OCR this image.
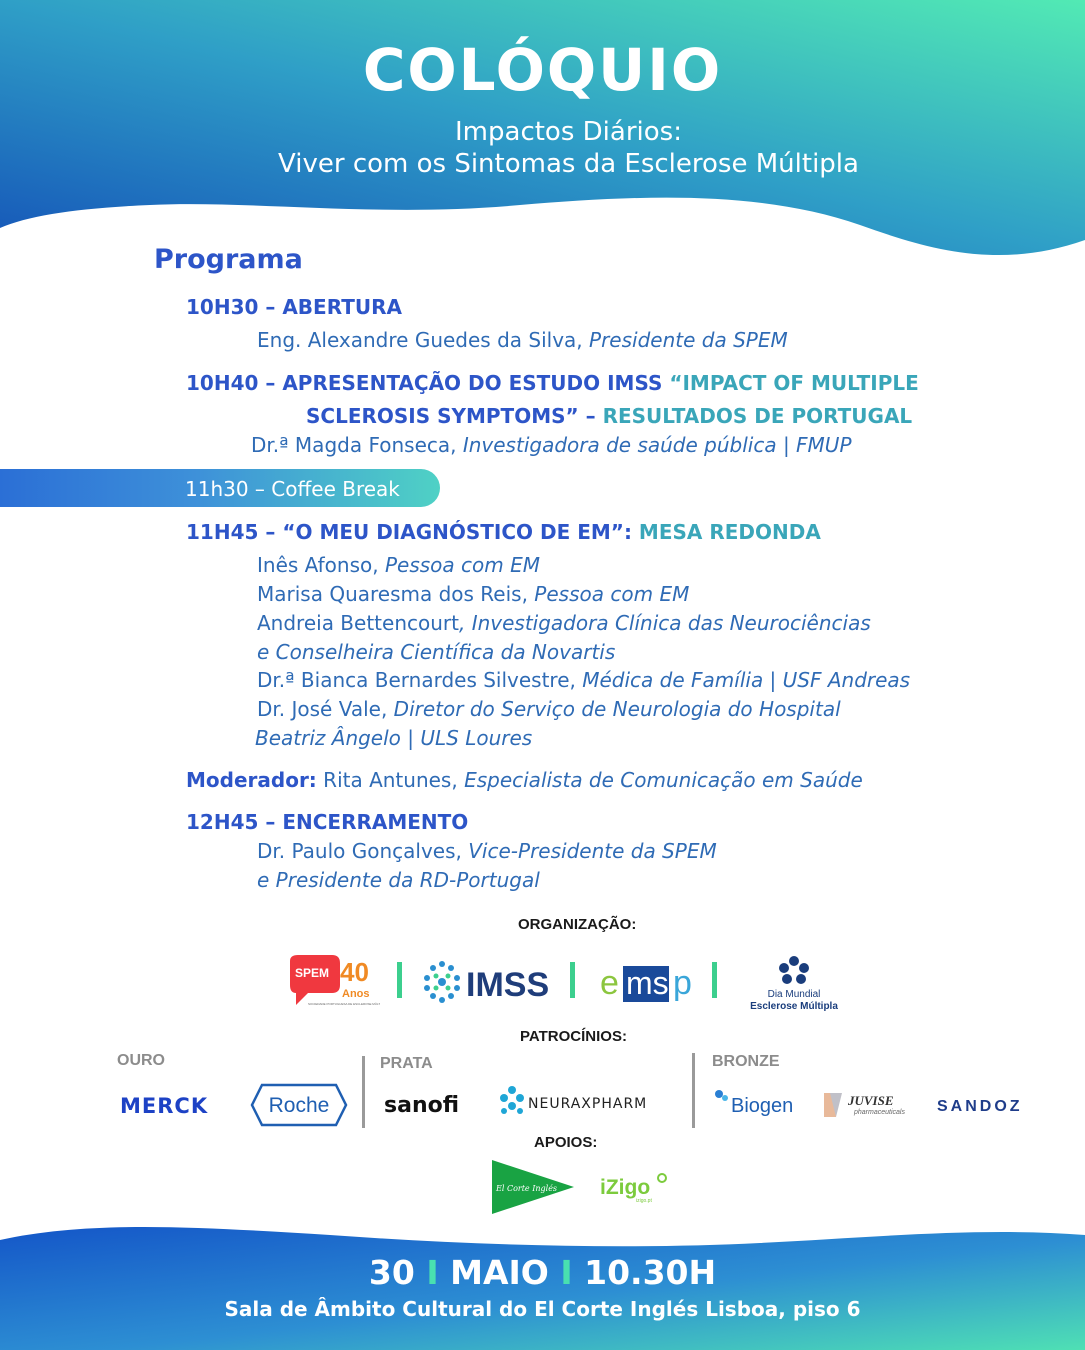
COLÓQUIO
Impactos Diários:
Viver com os Sintomas da Esclerose Múltipla
Programa
10H30 – ABERTURA
Eng. Alexandre Guedes da Silva, Presidente da SPEM
10H40 – APRESENTAÇÃO DO ESTUDO IMSS “IMPACT OF MULTIPLE
SCLEROSIS SYMPTOMS” – RESULTADOS DE PORTUGAL
Dr.ª Magda Fonseca, Investigadora de saúde pública | FMUP
11h30 – Coffee Break
11H45 – “O MEU DIAGNÓSTICO DE EM”: MESA REDONDA
Inês Afonso, Pessoa com EM
Marisa Quaresma dos Reis, Pessoa com EM
Andreia Bettencourt, Investigadora Clínica das Neurociências
e Conselheira Científica da Novartis
Dr.ª Bianca Bernardes Silvestre, Médica de Família | USF Andreas
Dr. José Vale, Diretor do Serviço de Neurologia do Hospital
Beatriz Ângelo | ULS Loures
Moderador: Rita Antunes, Especialista de Comunicação em Saúde
12H45 – ENCERRAMENTO
Dr. Paulo Gonçalves, Vice-Presidente da SPEM
e Presidente da RD-Portugal
ORGANIZAÇÃO:
SPEM 40
Anos
SOCIEDADE PORTUGUESA DE ESCLEROSE MÚLTIPLA IMSS e ms p	Dia Mundial
Esclerose Múltipla
PATROCÍNIOS:
OURO	PRATA	BRONZE
MERCK	Roche sanofi	NEURAXPHARM	Biogen	JUVISE
pharmaceuticals SANDOZ
APOIOS:
El Corte Inglés iZigo
izigo.pt
30 I MAIO I 10.30H
Sala de Âmbito Cultural do El Corte Inglés Lisboa, piso 6
